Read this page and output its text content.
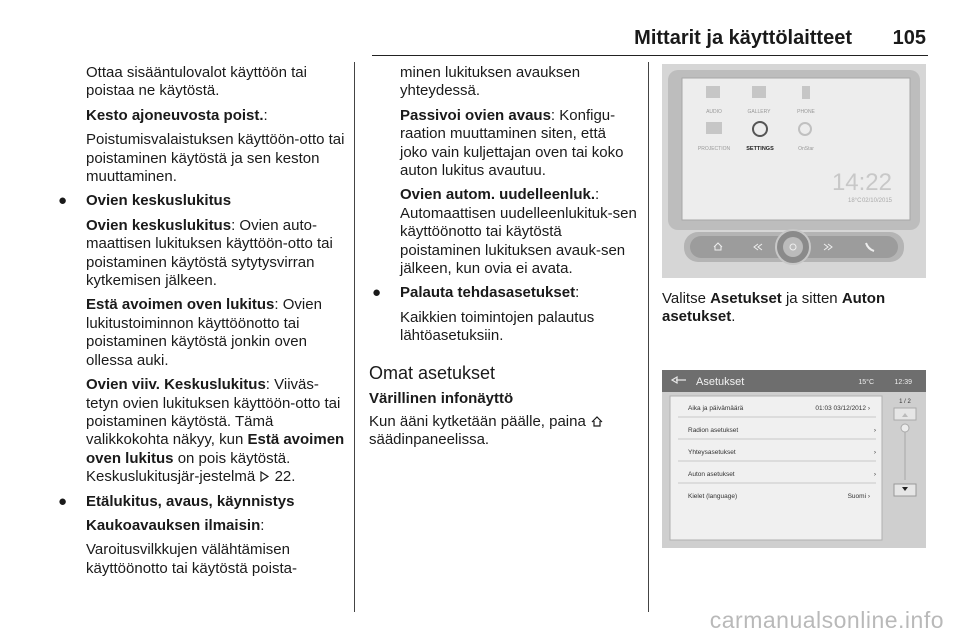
Mittarit ja käyttölaitteet 105

Ottaa sisääntulovalot käyttöön tai poistaa ne käytöstä.

Kesto ajoneuvosta poist.:

Poistumisvalaistuksen käyttöön-otto tai poistaminen käytöstä ja sen keston muuttaminen.

● Ovien keskuslukitus

Ovien keskuslukitus: Ovien auto-maattisen lukituksen käyttöön-otto tai poistaminen käytöstä sytytysvirran kytkemisen jälkeen.

Estä avoimen oven lukitus: Ovien lukitustoiminnon käyttöönotto tai poistaminen käytöstä jonkin oven ollessa auki.

Ovien viiv. Keskuslukitus: Viiväs-tetyn ovien lukituksen käyttöön-otto tai poistaminen käytöstä. Tämä valikkokohta näkyy, kun Estä avoimen oven lukitus on pois käytöstä. Keskuslukitusjär-jestelmä  22.

● Etälukitus, avaus, käynnistys

Kaukoavauksen ilmaisin:

Varoitusvilkkujen välähtämisen käyttöönotto tai käytöstä poista-

minen lukituksen avauksen yhteydessä.

Passivoi ovien avaus: Konfigu-raation muuttaminen siten, että joko vain kuljettajan oven tai koko auton lukitus avautuu.

Ovien autom. uudelleenluk.: Automaattisen uudelleenlukituk-sen käyttöönotto tai käytöstä poistaminen lukituksen avauk-sen jälkeen, kun ovia ei avata.

● Palauta tehdasasetukset:

Kaikkien toimintojen palautus lähtöasetuksiin.

Omat asetukset

Värillinen infonäyttö

Kun ääni kytketään päälle, paina
säädinpaneelissa.

AUDIO	GALLERY	PHONE
PROJECTION	SETTINGS	OnStar
14:22
18°C 02/10/2015

Valitse Asetukset ja sitten Auton asetukset.

Asetukset	15°C	12:39
Aika ja päivämäärä	01:03 03/12/2012 ›
Radion asetukset	›
Yhteysasetukset	›
Auton asetukset	›
Kielet (language)	Suomi ›
1 / 2
carmanualsonline.info
